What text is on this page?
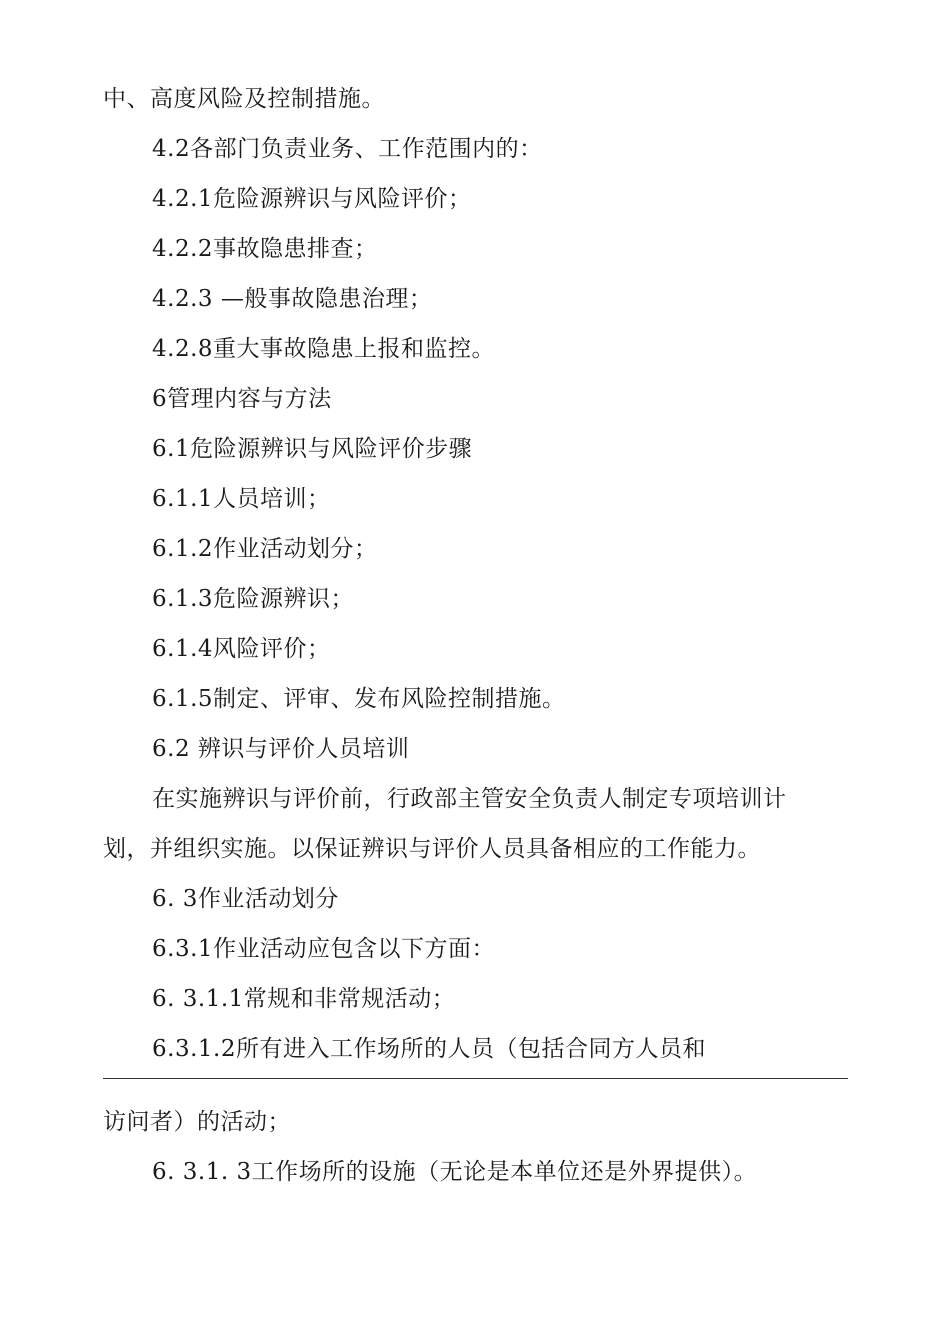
中、高度风险及控制措施。
4.2各部门负责业务、工作范围内的：
4.2.1危险源辨识与风险评价；
4.2.2事故隐患排查；
4.2.3 —般事故隐患治理；
4.2.8重大事故隐患上报和监控。
6管理内容与方法
6.1危险源辨识与风险评价步骤
6.1.1人员培训；
6.1.2作业活动划分；
6.1.3危险源辨识；
6.1.4风险评价；
6.1.5制定、评审、发布风险控制措施。
6.2 辨识与评价人员培训
在实施辨识与评价前，行政部主管安全负责人制定专项培训计
划，并组织实施。以保证辨识与评价人员具备相应的工作能力。
6. 3作业活动划分
6.3.1作业活动应包含以下方面：
6. 3.1.1常规和非常规活动；
6.3.1.2所有进入工作场所的人员（包括合同方人员和
访问者）的活动；
6. 3.1. 3工作场所的设施（无论是本单位还是外界提供）。
